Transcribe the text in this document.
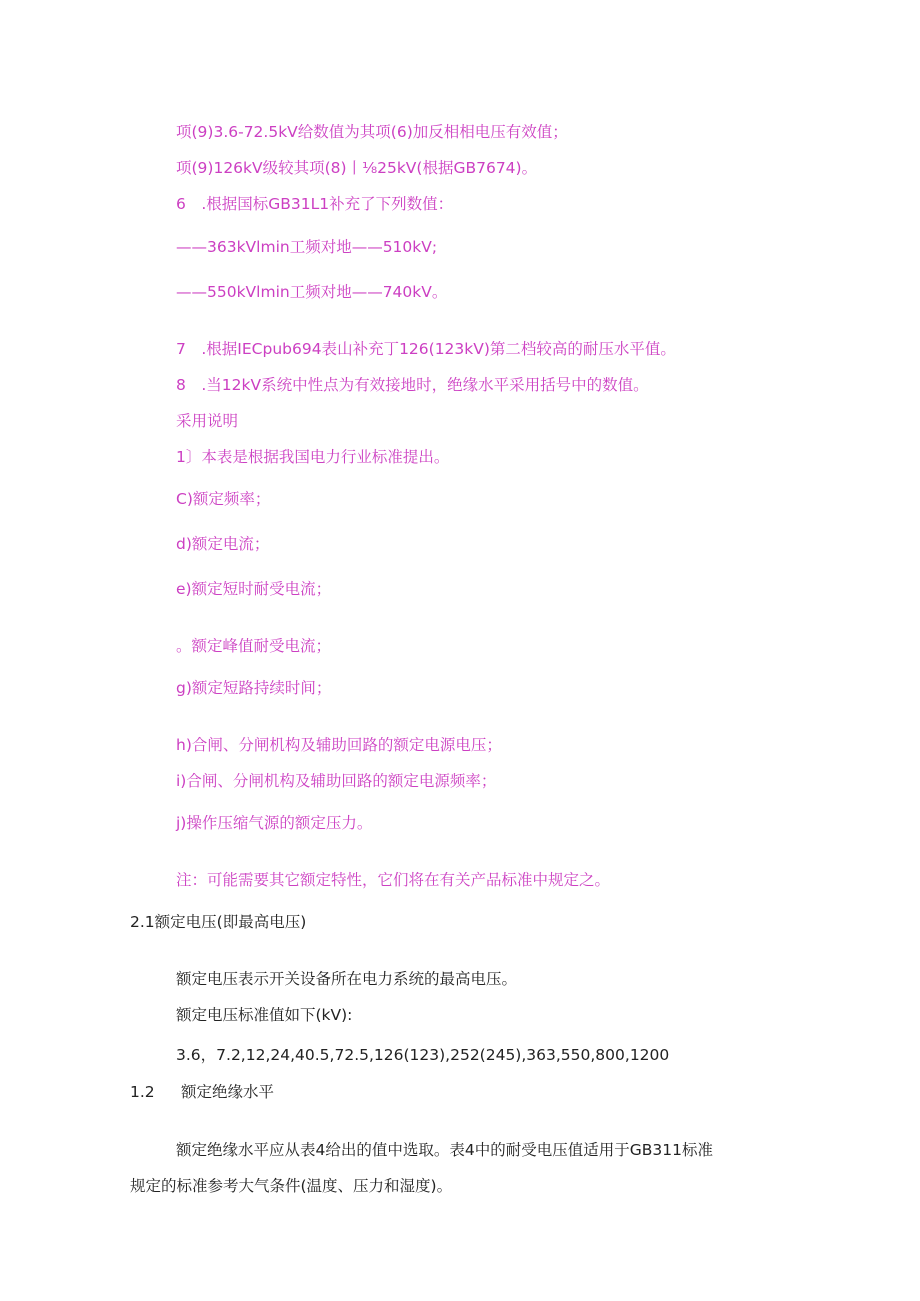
项(9)3.6-72.5kV给数值为其项(6)加反相相电压有效值；
项(9)126kV级较其项(8)丨⅛25kV(根据GB7674)。
6　.根据国标GB31L1补充了下列数值：
——363kVlmin工频对地——510kV;
——550kVlmin工频对地——740kV。
7　.根据IECpub694表山补充丁126(123kV)第二档较高的耐压水平值。
8　.当12kV系统中性点为有效接地时，绝缘水平采用括号中的数值。
采用说明
1〕本表是根据我国电力行业标准提出。
C)额定频率；
d)额定电流；
e)额定短时耐受电流；
。额定峰值耐受电流；
g)额定短路持续时间；
h)合闸、分闸机构及辅助回路的额定电源电压；
i)合闸、分闸机构及辅助回路的额定电源频率；
j)操作压缩气源的额定压力。
注：可能需要其它额定特性，它们将在有关产品标准中规定之。
2.1额定电压(即最高电压)
额定电压表示开关设备所在电力系统的最高电压。
额定电压标准值如下(kV):
3.6，7.2,12,24,40.5,72.5,126(123),252(245),363,550,800,1200
1.2 额定绝缘水平
额定绝缘水平应从表4给出的值中选取。表4中的耐受电压值适用于GB311标准
规定的标准参考大气条件(温度、压力和湿度)。
